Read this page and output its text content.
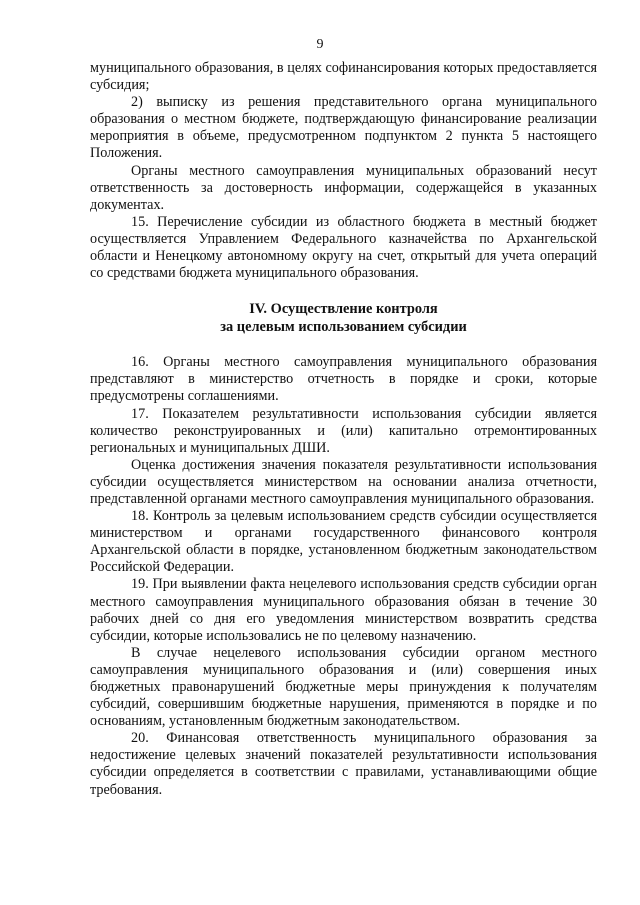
9

муниципального образования, в целях софинансирования которых предоставляется субсидия;

2) выписку из решения представительного органа муниципального образования о местном бюджете, подтверждающую финансирование реализации мероприятия в объеме, предусмотренном подпунктом 2 пункта 5 настоящего Положения.

Органы местного самоуправления муниципальных образований несут ответственность за достоверность информации, содержащейся в указанных документах.

15. Перечисление субсидии из областного бюджета в местный бюджет осуществляется Управлением Федерального казначейства по Архангельской области и Ненецкому автономному округу на счет, открытый для учета операций со средствами бюджета муниципального образования.

IV. Осуществление контроля
за целевым использованием субсидии

16. Органы местного самоуправления муниципального образования представляют в министерство отчетность в порядке и сроки, которые предусмотрены соглашениями.

17. Показателем результативности использования субсидии является количество реконструированных и (или) капитально отремонтированных региональных и муниципальных ДШИ.

Оценка достижения значения показателя результативности использования субсидии осуществляется министерством на основании анализа отчетности, представленной органами местного самоуправления муниципального образования.

18. Контроль за целевым использованием средств субсидии осуществляется министерством и органами государственного финансового контроля Архангельской области в порядке, установленном бюджетным законодательством Российской Федерации.

19. При выявлении факта нецелевого использования средств субсидии орган местного самоуправления муниципального образования обязан в течение 30 рабочих дней со дня его уведомления министерством возвратить средства субсидии, которые использовались не по целевому назначению.

В случае нецелевого использования субсидии органом местного самоуправления муниципального образования и (или) совершения иных бюджетных правонарушений бюджетные меры принуждения к получателям субсидий, совершившим бюджетные нарушения, применяются в порядке и по основаниям, установленным бюджетным законодательством.

20. Финансовая ответственность муниципального образования за недостижение целевых значений показателей результативности использования субсидии определяется в соответствии с правилами, устанавливающими общие требования.
